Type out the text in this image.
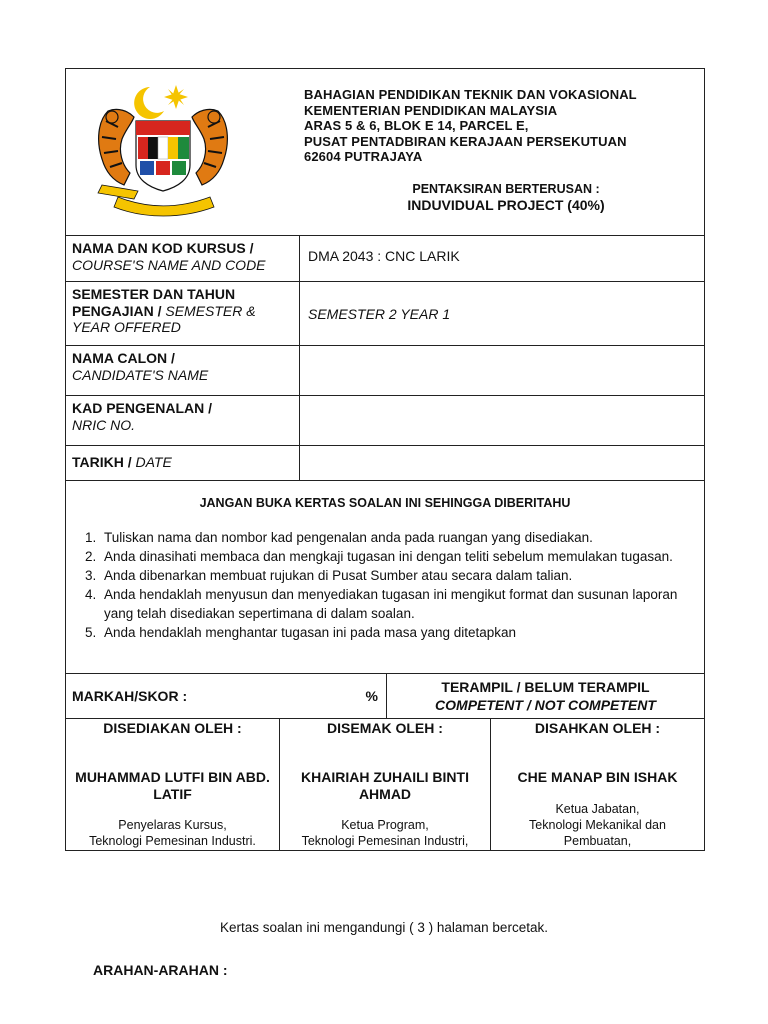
BAHAGIAN PENDIDIKAN TEKNIK DAN VOKASIONAL
KEMENTERIAN PENDIDIKAN MALAYSIA
ARAS 5 & 6, BLOK E 14, PARCEL E,
PUSAT PENTADBIRAN KERAJAAN PERSEKUTUAN
62604 PUTRAJAYA
PENTAKSIRAN BERTERUSAN :
INDUVIDUAL PROJECT (40%)
NAMA DAN KOD KURSUS /
COURSE'S NAME AND CODE
DMA 2043 : CNC LARIK
SEMESTER DAN TAHUN PENGAJIAN / SEMESTER & YEAR OFFERED
SEMESTER 2 YEAR 1
NAMA CALON /
CANDIDATE'S NAME
KAD PENGENALAN /
NRIC NO.
TARIKH / DATE
JANGAN BUKA KERTAS SOALAN INI SEHINGGA DIBERITAHU
1. Tuliskan nama dan nombor kad pengenalan anda pada ruangan yang disediakan.
2. Anda dinasihati membaca dan mengkaji tugasan ini dengan teliti sebelum memulakan tugasan.
3. Anda dibenarkan membuat rujukan di Pusat Sumber atau secara dalam talian.
4. Anda hendaklah menyusun dan menyediakan tugasan ini mengikut format dan susunan laporan yang telah disediakan sepertimana di dalam soalan.
5. Anda hendaklah menghantar tugasan ini pada masa yang ditetapkan
MARKAH/SKOR :	%
TERAMPIL / BELUM TERAMPIL
COMPETENT / NOT COMPETENT
DISEDIAKAN OLEH :
MUHAMMAD LUTFI BIN ABD. LATIF
Penyelaras Kursus,
Teknologi Pemesinan Industri.
DISEMAK OLEH :
KHAIRIAH ZUHAILI BINTI AHMAD
Ketua Program,
Teknologi Pemesinan Industri,
DISAHKAN OLEH :
CHE MANAP BIN ISHAK
Ketua Jabatan,
Teknologi Mekanikal dan Pembuatan,
Kertas soalan ini mengandungi ( 3 ) halaman bercetak.
ARAHAN-ARAHAN :
